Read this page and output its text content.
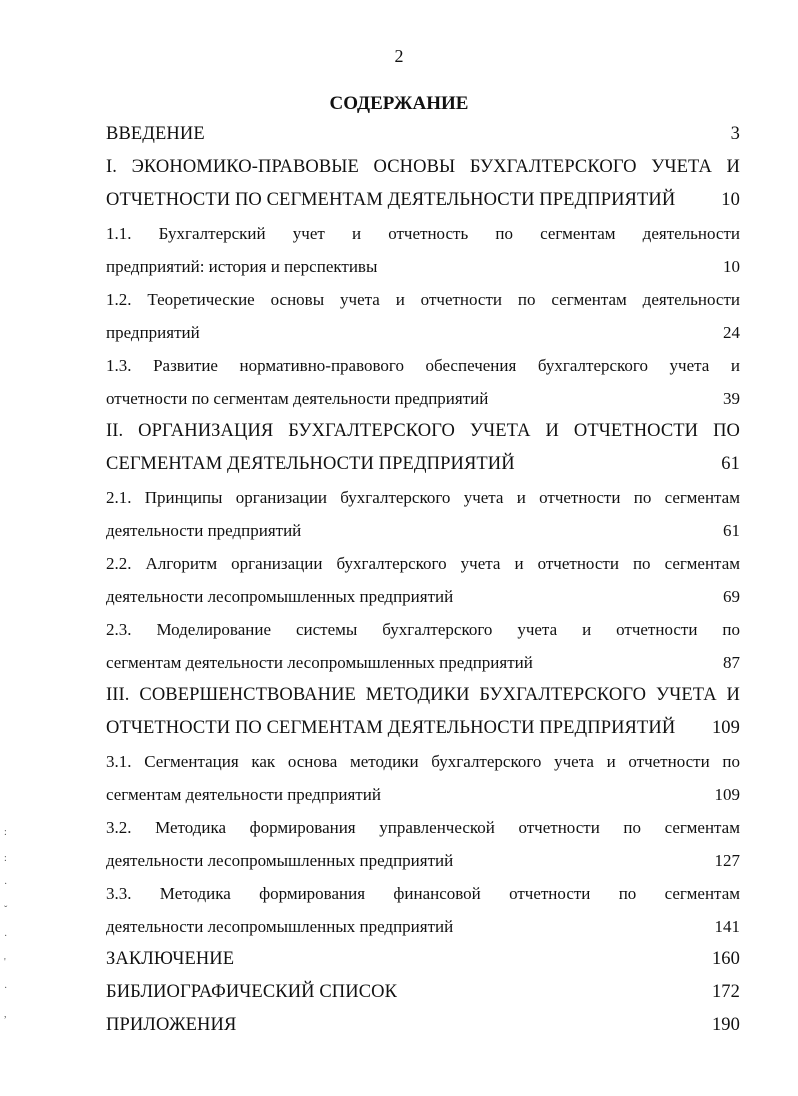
2
СОДЕРЖАНИЕ
ВВЕДЕНИЕ	3
I. ЭКОНОМИКО-ПРАВОВЫЕ ОСНОВЫ БУХГАЛТЕРСКОГО УЧЕТА И
ОТЧЕТНОСТИ ПО СЕГМЕНТАМ ДЕЯТЕЛЬНОСТИ ПРЕДПРИЯТИЙ 10
1.1. Бухгалтерский учет и отчетность по сегментам деятельности
предприятий: история и перспективы	10
1.2. Теоретические основы учета и отчетности по сегментам деятельности
предприятий	24
1.3. Развитие нормативно-правового обеспечения бухгалтерского учета и
отчетности по сегментам деятельности предприятий	39
II. ОРГАНИЗАЦИЯ БУХГАЛТЕРСКОГО УЧЕТА И ОТЧЕТНОСТИ ПО
СЕГМЕНТАМ ДЕЯТЕЛЬНОСТИ ПРЕДПРИЯТИЙ	61
2.1. Принципы организации бухгалтерского учета и отчетности по сегментам
деятельности предприятий	61
2.2. Алгоритм организации бухгалтерского учета и отчетности по сегментам
деятельности лесопромышленных предприятий	69
2.3. Моделирование системы бухгалтерского учета и отчетности по
сегментам деятельности лесопромышленных предприятий	87
III. СОВЕРШЕНСТВОВАНИЕ МЕТОДИКИ БУХГАЛТЕРСКОГО УЧЕТА И
ОТЧЕТНОСТИ ПО СЕГМЕНТАМ ДЕЯТЕЛЬНОСТИ ПРЕДПРИЯТИЙ 109
3.1. Сегментация как основа методики бухгалтерского учета и отчетности по
сегментам деятельности предприятий	109
3.2. Методика формирования управленческой отчетности по сегментам
деятельности лесопромышленных предприятий	127
3.3. Методика формирования финансовой отчетности по сегментам
деятельности лесопромышленных предприятий	141
ЗАКЛЮЧЕНИЕ	160
БИБЛИОГРАФИЧЕСКИЙ СПИСОК	172
ПРИЛОЖЕНИЯ	190
:
:
·
ˇ
·
'
·
,
